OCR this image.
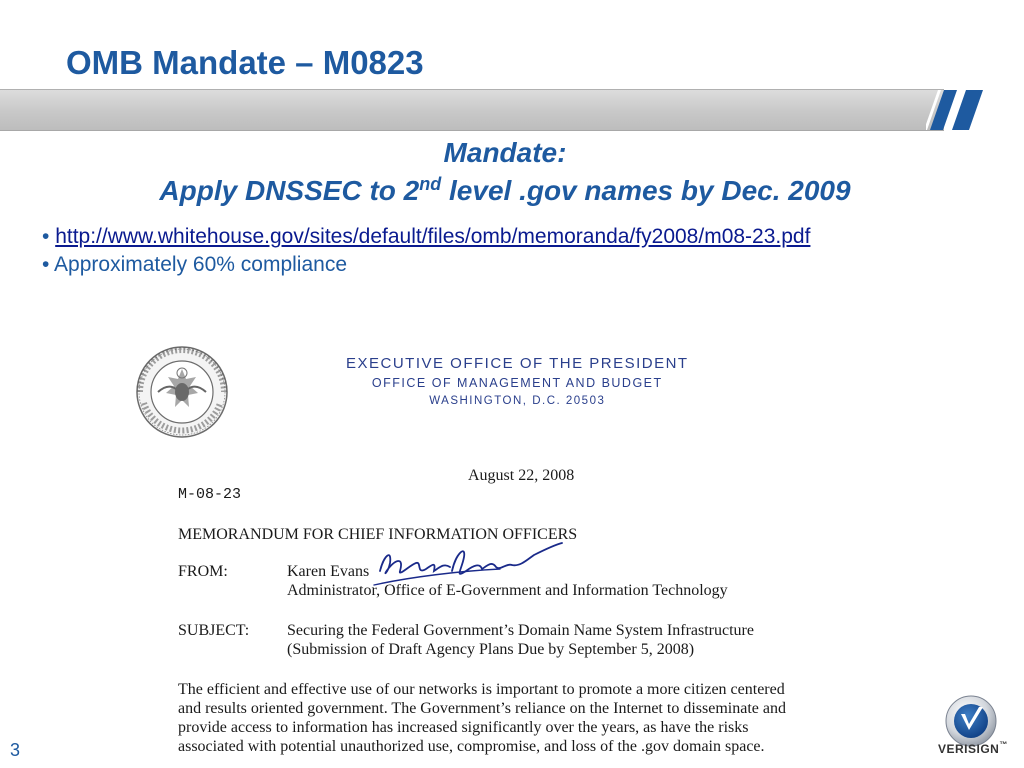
OMB Mandate – M0823
Mandate:
Apply DNSSEC to 2nd level .gov names by Dec. 2009
• http://www.whitehouse.gov/sites/default/files/omb/memoranda/fy2008/m08-23.pdf
• Approximately 60% compliance
EXECUTIVE OFFICE OF THE PRESIDENT
OFFICE OF MANAGEMENT AND BUDGET
WASHINGTON, D.C. 20503
August 22, 2008
M-08-23
MEMORANDUM FOR CHIEF INFORMATION OFFICERS
FROM:	Karen Evans
Administrator, Office of E-Government and Information Technology
SUBJECT: Securing the Federal Government’s Domain Name System Infrastructure
(Submission of Draft Agency Plans Due by September 5, 2008)
The efficient and effective use of our networks is important to promote a more citizen centered
and results oriented government. The Government’s reliance on the Internet to disseminate and
provide access to information has increased significantly over the years, as have the risks
associated with potential unauthorized use, compromise, and loss of the .gov domain space.
3	VERISIGN™
